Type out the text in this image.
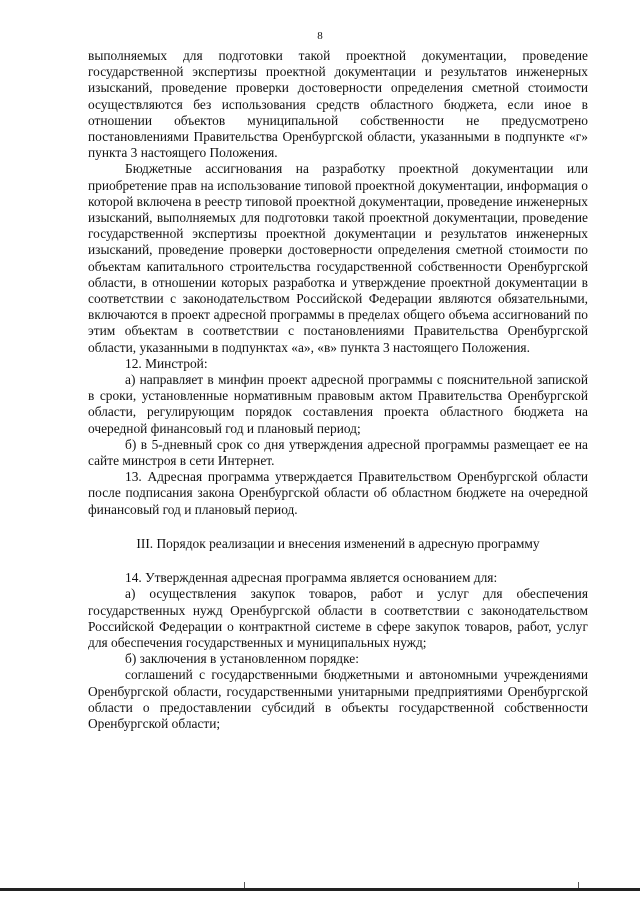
8

выполняемых для подготовки такой проектной документации, проведение государственной экспертизы проектной документации и результатов инженерных изысканий, проведение проверки достоверности определения сметной стоимости осуществляются без использования средств областного бюджета, если иное в отношении объектов муниципальной собственности не предусмотрено постановлениями Правительства Оренбургской области, указанными в подпункте «г» пункта 3 настоящего Положения.

Бюджетные ассигнования на разработку проектной документации или приобретение прав на использование типовой проектной документации, информация о которой включена в реестр типовой проектной документации, проведение инженерных изысканий, выполняемых для подготовки такой проектной документации, проведение государственной экспертизы проектной документации и результатов инженерных изысканий, проведение проверки достоверности определения сметной стоимости по объектам капитального строительства государственной собственности Оренбургской области, в отношении которых разработка и утверждение проектной документации в соответствии с законодательством Российской Федерации являются обязательными, включаются в проект адресной программы в пределах общего объема ассигнований по этим объектам в соответствии с постановлениями Правительства Оренбургской области, указанными в подпунктах «а», «в» пункта 3 настоящего Положения.

12. Минстрой:

а) направляет в минфин проект адресной программы с пояснительной запиской в сроки, установленные нормативным правовым актом Правительства Оренбургской области, регулирующим порядок составления проекта областного бюджета на очередной финансовый год и плановый период;

б) в 5-дневный срок со дня утверждения адресной программы размещает ее на сайте минстроя в сети Интернет.

13. Адресная программа утверждается Правительством Оренбургской области после подписания закона Оренбургской области об областном бюджете на очередной финансовый год и плановый период.

III. Порядок реализации и внесения изменений в адресную программу

14. Утвержденная адресная программа является основанием для:

а) осуществления закупок товаров, работ и услуг для обеспечения государственных нужд Оренбургской области в соответствии с законодательством Российской Федерации о контрактной системе в сфере закупок товаров, работ, услуг для обеспечения государственных и муниципальных нужд;

б) заключения в установленном порядке:

соглашений с государственными бюджетными и автономными учреждениями Оренбургской области, государственными унитарными предприятиями Оренбургской области о предоставлении субсидий в объекты государственной собственности Оренбургской области;
